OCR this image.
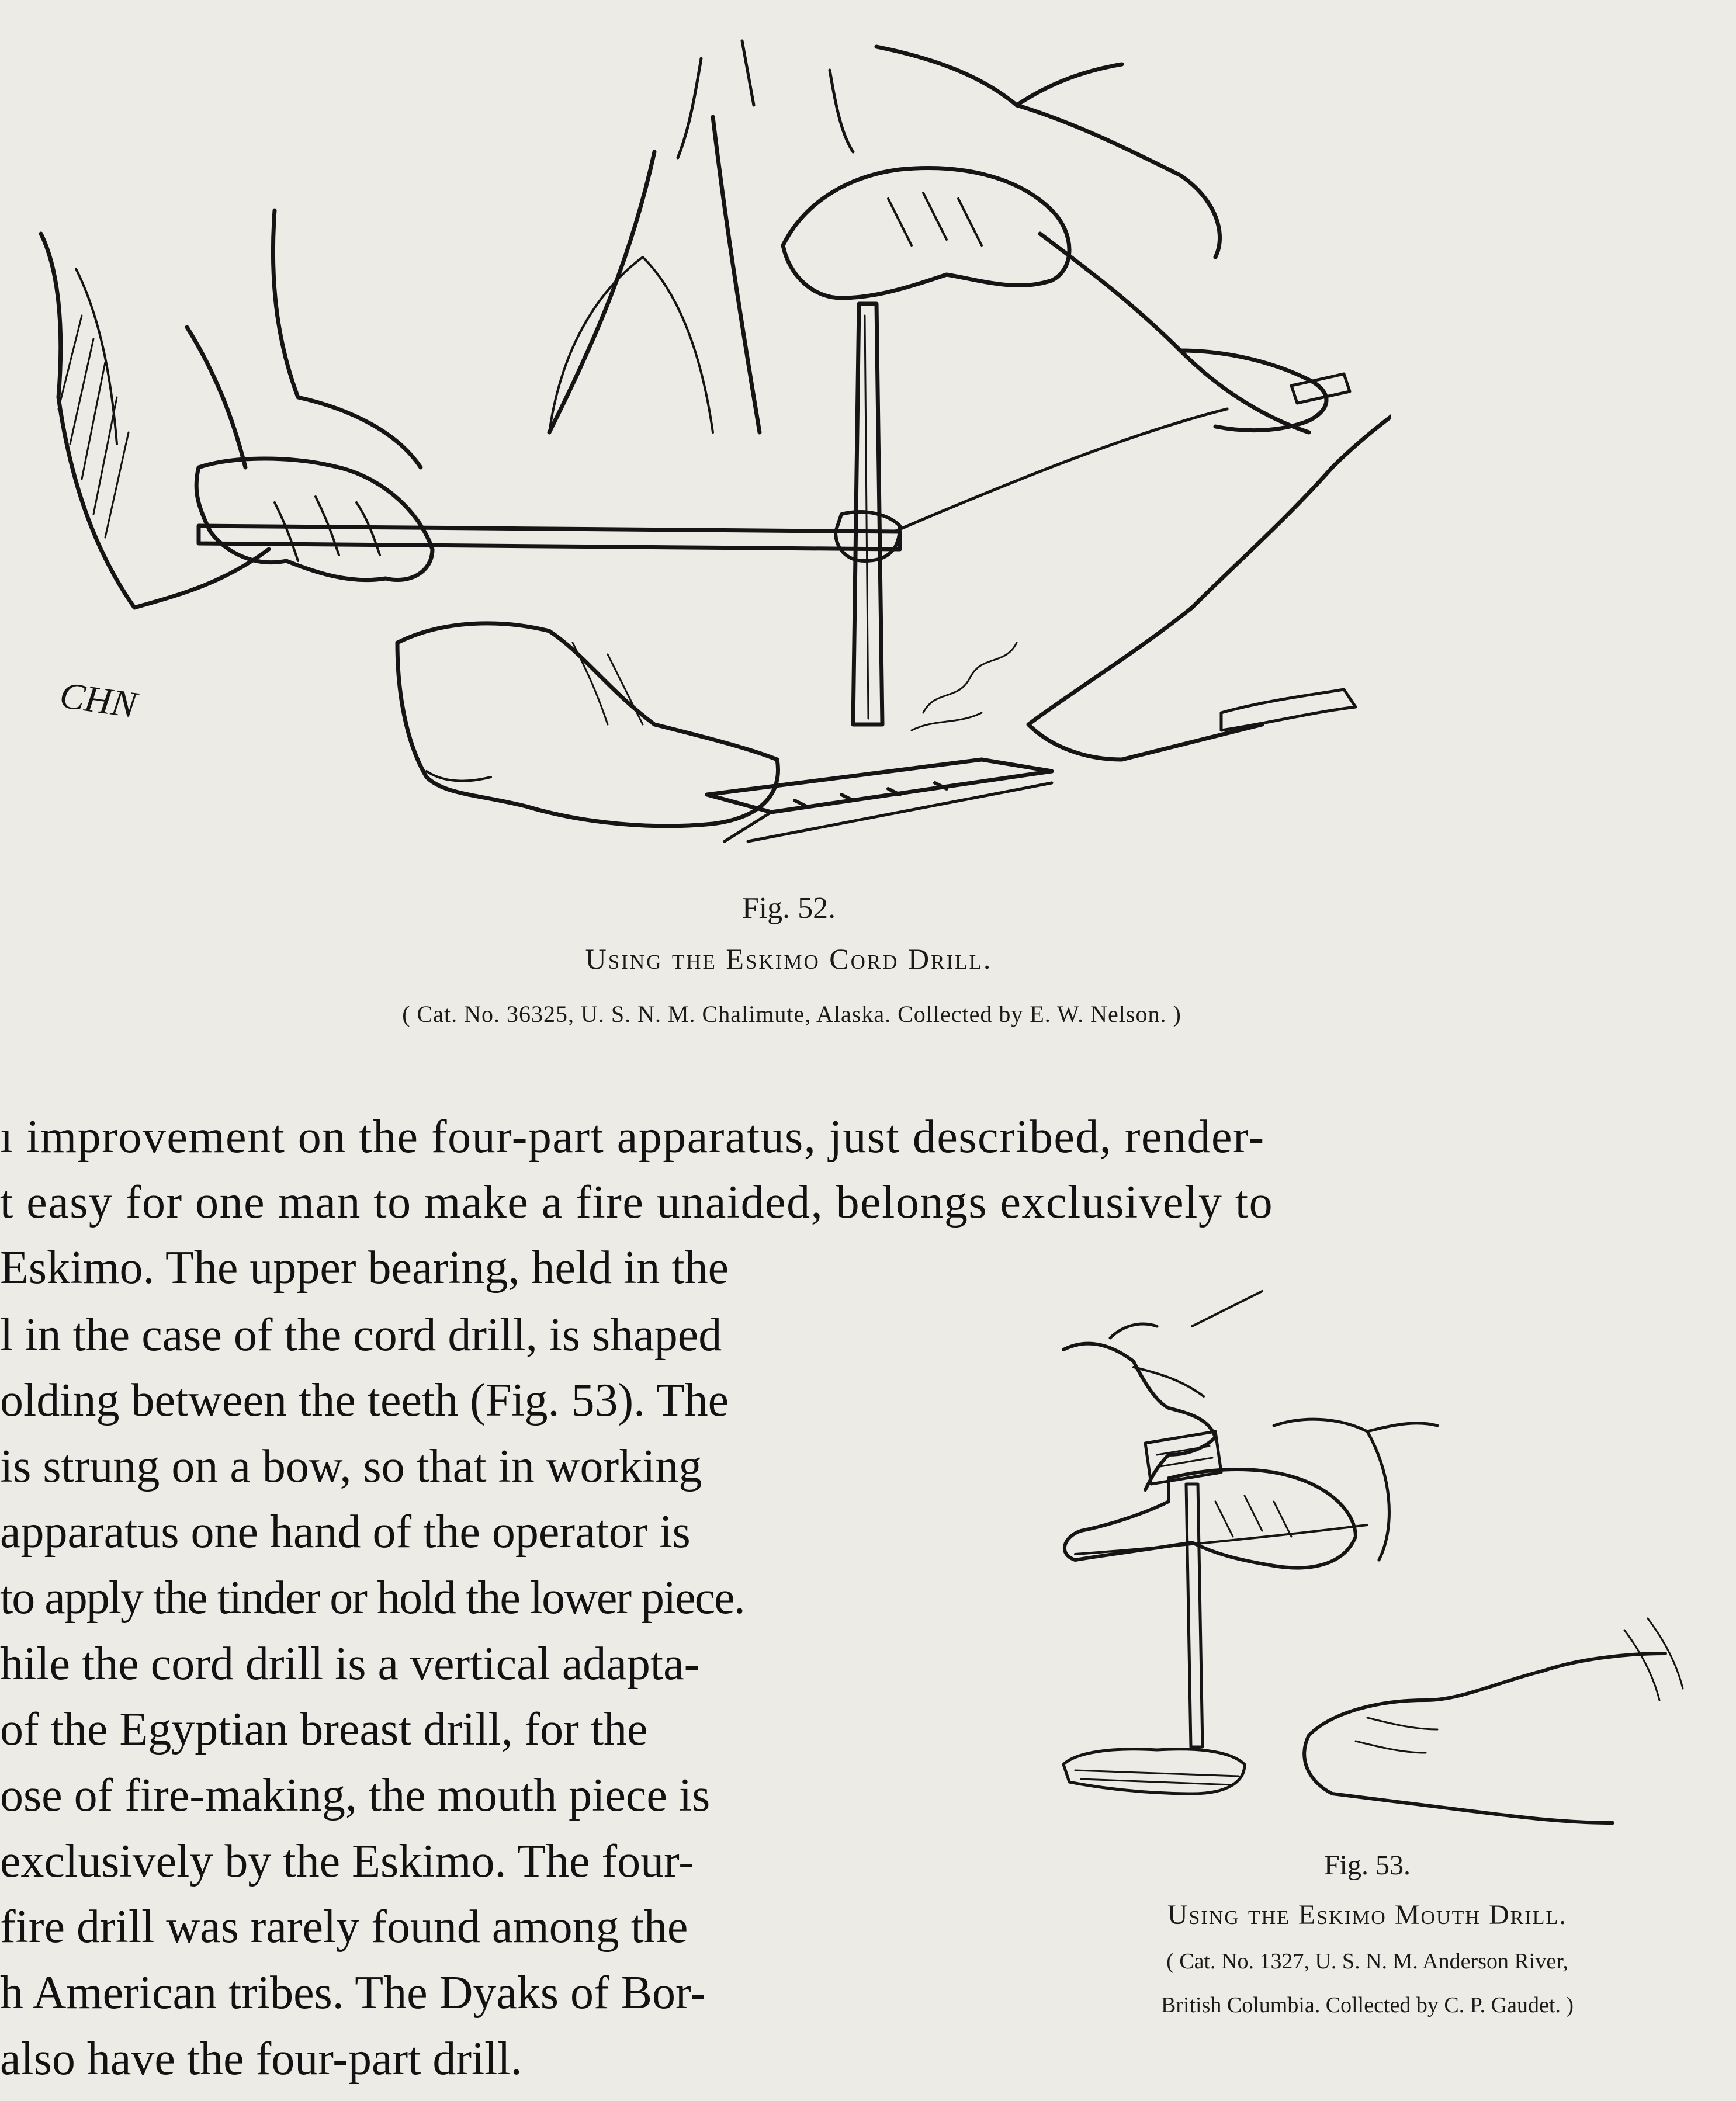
CHN
Fig. 52.
Using the Eskimo Cord Drill.
( Cat. No. 36325, U. S. N. M. Chalimute, Alaska. Collected by E. W. Nelson. )
ı improvement on the four-part apparatus, just described, render-
t easy for one man to make a fire unaided, belongs exclusively to
Eskimo. The upper bearing, held in the
l in the case of the cord drill, is shaped
olding between the teeth (Fig. 53). The
is strung on a bow, so that in working
apparatus one hand of the operator is
to apply the tinder or hold the lower piece.
hile the cord drill is a vertical adapta-
of the Egyptian breast drill, for the
ose of fire-making, the mouth piece is
exclusively by the Eskimo. The four-
fire drill was rarely found among the
h American tribes. The Dyaks of Bor-
also have the four-part drill.
Fig. 53.
Using the Eskimo Mouth Drill.
( Cat. No. 1327, U. S. N. M. Anderson River,
British Columbia. Collected by C. P. Gaudet. )
